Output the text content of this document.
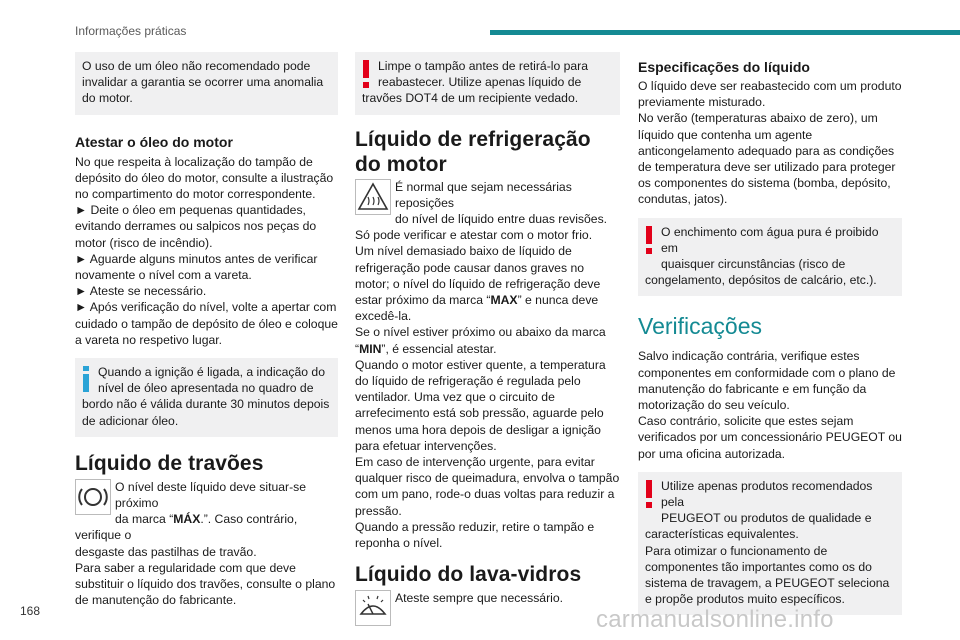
Informações práticas

O uso de um óleo não recomendado pode invalidar a garantia se ocorrer uma anomalia do motor.

Atestar o óleo do motor

No que respeita à localização do tampão de depósito do óleo do motor, consulte a ilustração no compartimento do motor correspondente.

► Deite o óleo em pequenas quantidades, evitando derrames ou salpicos nos peças do motor (risco de incêndio).

► Aguarde alguns minutos antes de verificar novamente o nível com a vareta.

► Ateste se necessário.

► Após verificação do nível, volte a apertar com cuidado o tampão de depósito de óleo e coloque a vareta no respetivo lugar.

Quando a ignição é ligada, a indicação do
nível de óleo apresentada no quadro de
bordo não é válida durante 30 minutos depois de adicionar óleo.
Líquido de travões
O nível deste líquido deve situar-se próximo
da marca “MÁX.”. Caso contrário, verifique o
desgaste das pastilhas de travão.

Para saber a regularidade com que deve substituir o líquido dos travões, consulte o plano de manutenção do fabricante.

Limpe o tampão antes de retirá-lo para
reabastecer. Utilize apenas líquido de
travões DOT4 de um recipiente vedado.
Líquido de refrigeração do motor
É normal que sejam necessárias reposições
do nível de líquido entre duas revisões.

Só pode verificar e atestar com o motor frio.

Um nível demasiado baixo de líquido de refrigeração pode causar danos graves no motor; o nível do líquido de refrigeração deve estar próximo da marca “MAX” e nunca deve excedê-la.

Se o nível estiver próximo ou abaixo da marca “MIN”, é essencial atestar.

Quando o motor estiver quente, a temperatura do líquido de refrigeração é regulada pelo ventilador. Uma vez que o circuito de arrefecimento está sob pressão, aguarde pelo menos uma hora depois de desligar a ignição para efetuar intervenções.

Em caso de intervenção urgente, para evitar qualquer risco de queimadura, envolva o tampão com um pano, rode-o duas voltas para reduzir a pressão.

Quando a pressão reduzir, retire o tampão e reponha o nível.

Líquido do lava-vidros
Ateste sempre que necessário.
Especificações do líquido

O líquido deve ser reabastecido com um produto previamente misturado.

No verão (temperaturas abaixo de zero), um líquido que contenha um agente anticongelamento adequado para as condições de temperatura deve ser utilizado para proteger os componentes do sistema (bomba, depósito, condutas, jatos).

O enchimento com água pura é proibido em
quaisquer circunstâncias (risco de
congelamento, depósitos de calcário, etc.).
Verificações

Salvo indicação contrária, verifique estes componentes em conformidade com o plano de manutenção do fabricante e em função da motorização do seu veículo.

Caso contrário, solicite que estes sejam verificados por um concessionário PEUGEOT ou por uma oficina autorizada.

Utilize apenas produtos recomendados pela
PEUGEOT ou produtos de qualidade e
características equivalentes.
Para otimizar o funcionamento de componentes tão importantes como os do sistema de travagem, a PEUGEOT seleciona e propõe produtos muito específicos.
168	carmanualsonline.info
